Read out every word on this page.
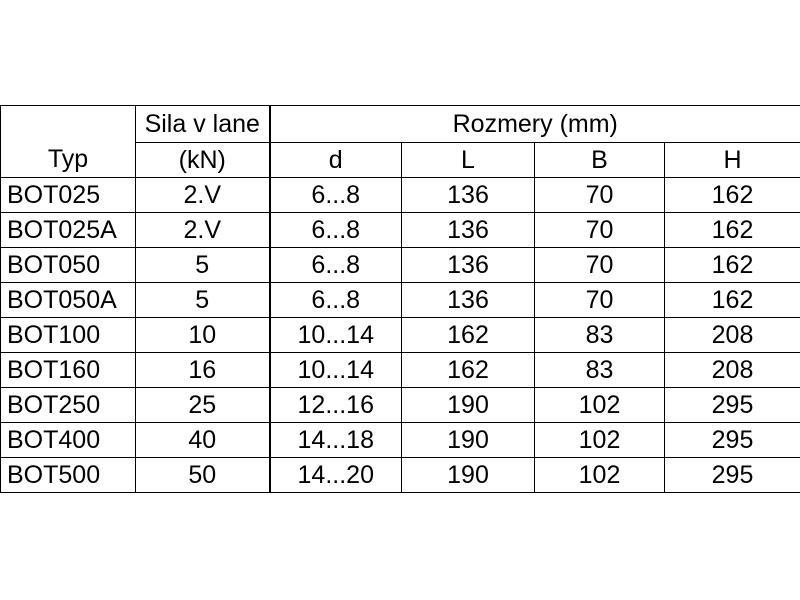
Typ	Sila v lane	Rozmery (mm)			
	(kN)	d	L	B	H
BOT025	2.V	6...8	136	70	162
BOT025A	2.V	6...8	136	70	162
BOT050	5	6...8	136	70	162
BOT050A	5	6...8	136	70	162
BOT100	10	10...14	162	83	208
BOT160	16	10...14	162	83	208
BOT250	25	12...16	190	102	295
BOT400	40	14...18	190	102	295
BOT500	50	14...20	190	102	295
